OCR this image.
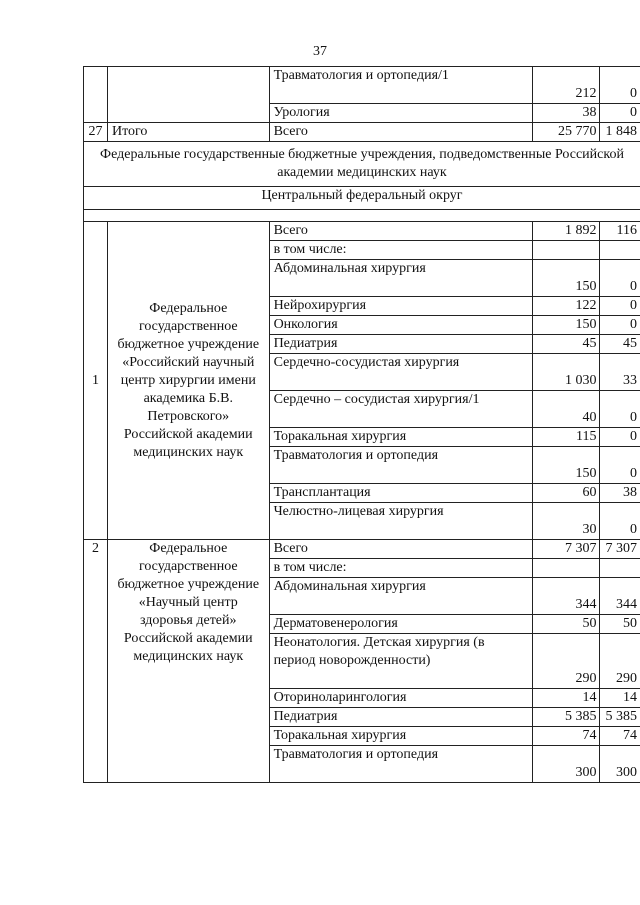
37
		Травматология и ортопедия/1	212	0
		Урология	38	0
27	Итого	Всего	25 770	1 848
Федеральные государственные бюджетные учреждения, подведомственные Российской академии медицинских наук				
Центральный федеральный округ				

1	Федеральное государственное бюджетное учреждение «Российский научный центр хирургии имени академика Б.В. Петровского» Российской академии медицинских наук	Всего	1 892	116
		в том числе:		
		Абдоминальная хирургия	150	0
		Нейрохирургия	122	0
		Онкология	150	0
		Педиатрия	45	45
		Сердечно-сосудистая хирургия	1 030	33
		Сердечно – сосудистая хирургия/1	40	0
		Торакальная хирургия	115	0
		Травматология и ортопедия	150	0
		Трансплантация	60	38
		Челюстно-лицевая хирургия	30	0
2	Федеральное государственное бюджетное учреждение «Научный центр здоровья детей» Российской академии медицинских наук	Всего	7 307	7 307
		в том числе:		
		Абдоминальная хирургия	344	344
		Дерматовенерология	50	50
		Неонатология. Детская хирургия (в период новорожденности)	290	290
		Оториноларингология	14	14
		Педиатрия	5 385	5 385
		Торакальная хирургия	74	74
		Травматология и ортопедия	300	300
